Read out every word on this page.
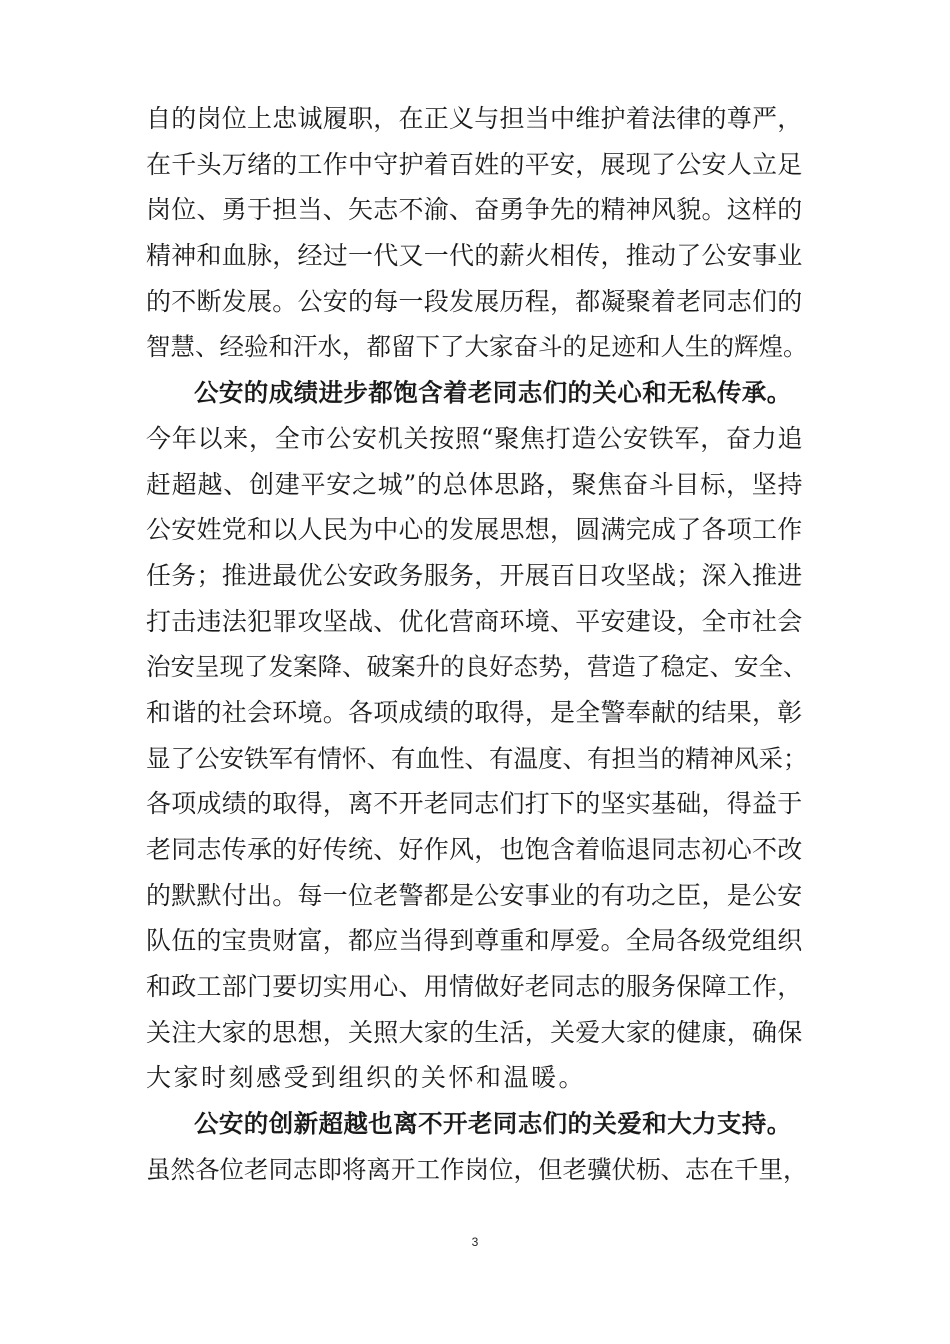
自的岗位上忠诚履职，在正义与担当中维护着法律的尊严，
在千头万绪的工作中守护着百姓的平安，展现了公安人立足
岗位、勇于担当、矢志不渝、奋勇争先的精神风貌。这样的
精神和血脉，经过一代又一代的薪火相传，推动了公安事业
的不断发展。公安的每一段发展历程，都凝聚着老同志们的
智慧、经验和汗水，都留下了大家奋斗的足迹和人生的辉煌。
公安的成绩进步都饱含着老同志们的关心和无私传承。
今年以来，全市公安机关按照“聚焦打造公安铁军，奋力追
赶超越、创建平安之城”的总体思路，聚焦奋斗目标，坚持
公安姓党和以人民为中心的发展思想，圆满完成了各项工作
任务；推进最优公安政务服务，开展百日攻坚战；深入推进
打击违法犯罪攻坚战、优化营商环境、平安建设，全市社会
治安呈现了发案降、破案升的良好态势，营造了稳定、安全、
和谐的社会环境。各项成绩的取得，是全警奉献的结果，彰
显了公安铁军有情怀、有血性、有温度、有担当的精神风采；
各项成绩的取得，离不开老同志们打下的坚实基础，得益于
老同志传承的好传统、好作风，也饱含着临退同志初心不改
的默默付出。每一位老警都是公安事业的有功之臣，是公安
队伍的宝贵财富，都应当得到尊重和厚爱。全局各级党组织
和政工部门要切实用心、用情做好老同志的服务保障工作，
关注大家的思想，关照大家的生活，关爱大家的健康，确保
大家时刻感受到组织的关怀和温暖。
公安的创新超越也离不开老同志们的关爱和大力支持。
虽然各位老同志即将离开工作岗位，但老骥伏枥、志在千里，
3
